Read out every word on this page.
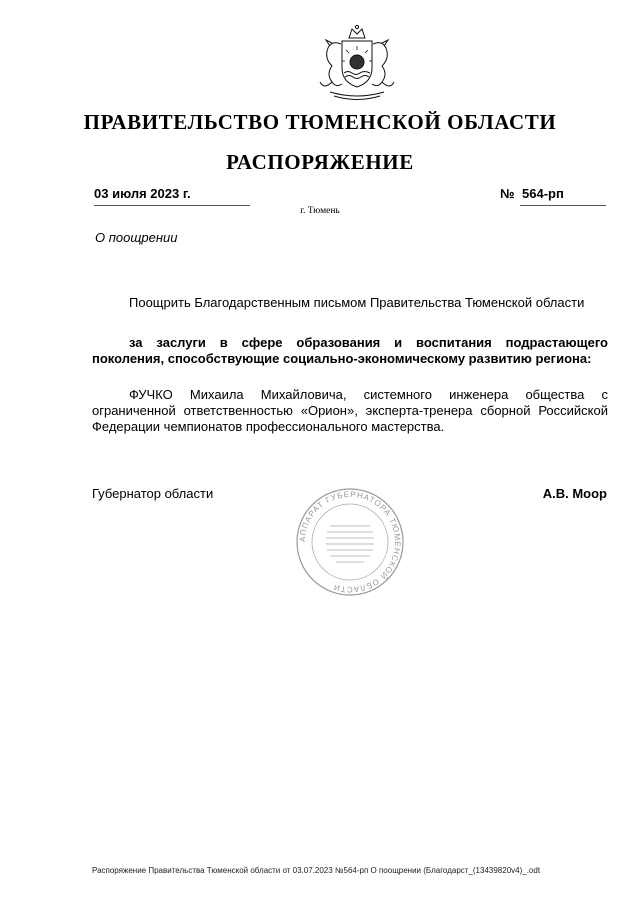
ПРАВИТЕЛЬСТВО ТЮМЕНСКОЙ ОБЛАСТИ
РАСПОРЯЖЕНИЕ
03 июля 2023 г.	№ 564-рп
г. Тюмень
О поощрении
Поощрить Благодарственным письмом Правительства Тюменской области
за заслуги в сфере образования и воспитания подрастающего поколения, способствующие социально-экономическому развитию региона:
ФУЧКО Михаила Михайловича, системного инженера общества с ограниченной ответственностью «Орион», эксперта-тренера сборной Российской Федерации чемпионатов профессионального мастерства.
Губернатор области
АППАРАТ ГУБЕРНАТОРА ТЮМЕНСКОЙ ОБЛАСТИ
А.В. Моор
Распоряжение Правительства Тюменской области от 03.07.2023 №564-рп О поощрении (Благодарст_(13439820v4)_.odt
